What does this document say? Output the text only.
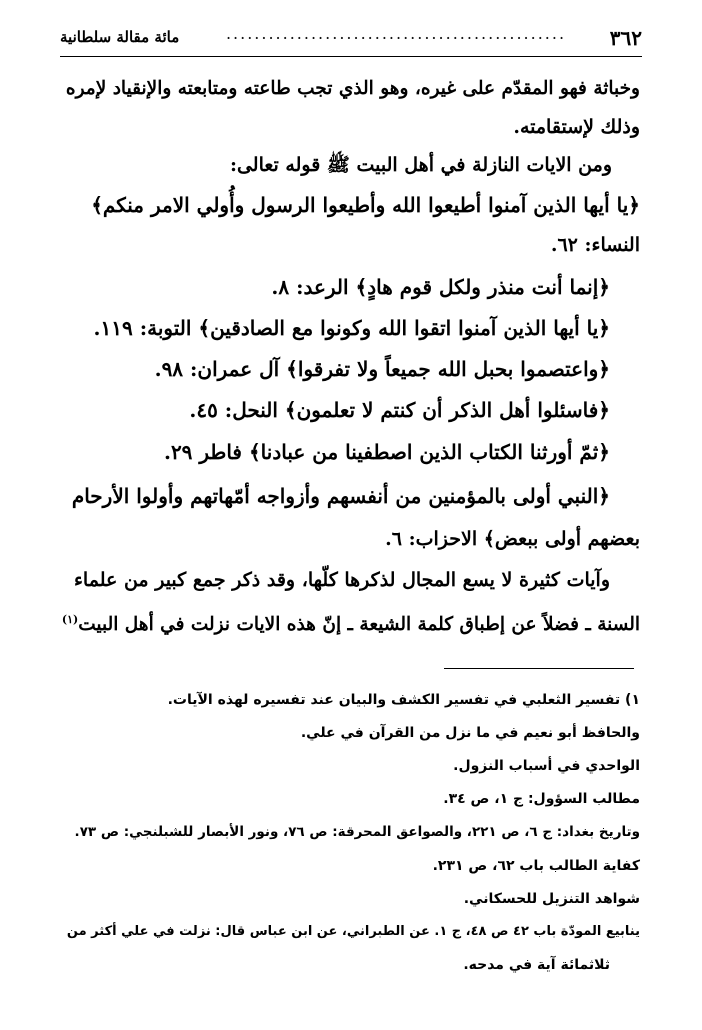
٣٦٢
................................................
مائة مقالة سلطانية
وخباثة فهو المقدّم على غيره، وهو الذي تجب طاعته ومتابعته والإنقياد لإمره
وذلك لإستقامته.
ومن الايات النازلة في أهل البيت ﷺ قوله تعالى:
﴿يا أيها الذين آمنوا أطيعوا الله وأطيعوا الرسول وأُولي الامر منكم﴾
النساء: ٦٢.
﴿إنما أنت منذر ولكل قوم هادٍ﴾ الرعد: ٨.
﴿يا أيها الذين آمنوا اتقوا الله وكونوا مع الصادقين﴾ التوبة: ١١٩.
﴿واعتصموا بحبل الله جميعاً ولا تفرقوا﴾ آل عمران: ٩٨.
﴿فاسئلوا أهل الذكر أن كنتم لا تعلمون﴾ النحل: ٤٥.
﴿ثمّ أورثنا الكتاب الذين اصطفينا من عبادنا﴾ فاطر ٢٩.
﴿النبي أولى بالمؤمنين من أنفسهم وأزواجه أمّهاتهم وأولوا الأرحام
بعضهم أولى ببعض﴾ الاحزاب: ٦.
وآيات كثيرة لا يسع المجال لذكرها كلّها، وقد ذكر جمع كبير من علماء
السنة ـ فضلاً عن إطباق كلمة الشيعة ـ إنّ هذه الايات نزلت في أهل البيت$^{(١)}$
١) تفسير الثعلبي في تفسير الكشف والبيان عند تفسيره لهذه الآيات.
والحافظ أبو نعيم في ما نزل من القرآن في علي.
الواحدي في أسباب النزول.
مطالب السؤول: ج ١، ص ٣٤.
وتاريخ بغداد: ج ٦، ص ٢٢١، والصواعق المحرقة: ص ٧٦، ونور الأبصار للشبلنجي: ص ٧٣.
كفاية الطالب باب ٦٢، ص ٢٣١.
شواهد التنزيل للحسكاني.
ينابيع المودّة باب ٤٢ ص ٤٨، ج ١. عن الطبراني، عن ابن عباس قال: نزلت في علي أكثر من
ثلاثمائة آية في مدحه.
